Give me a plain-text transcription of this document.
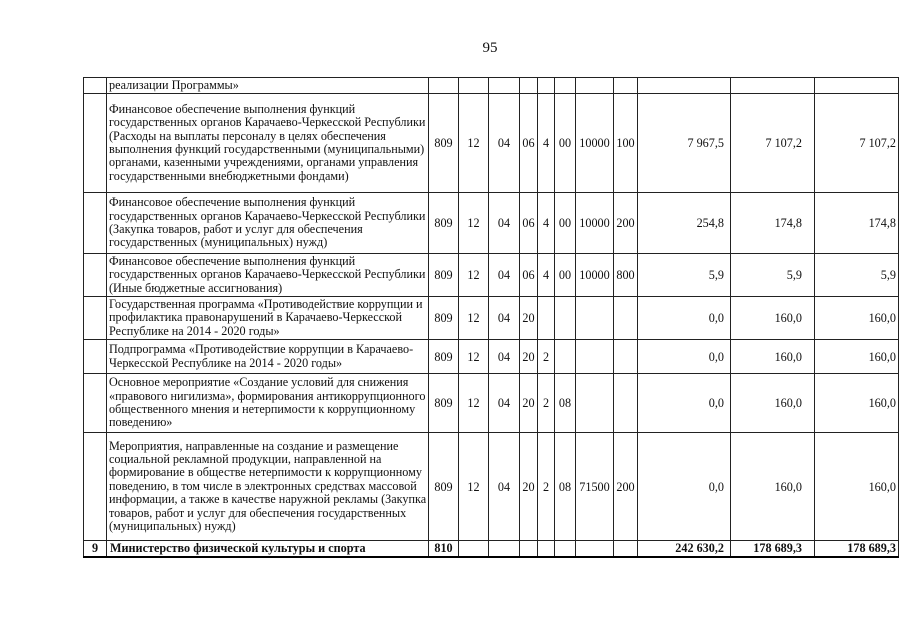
95
	реализации Программы»											
	Финансовое обеспечение выполнения функций государственных органов Карачаево-Черкесской Республики (Расходы на выплаты персоналу в целях обеспечения выполнения функций государственными (муниципальными) органами, казенными учреждениями, органами управления государственными внебюджетными фондами)	809	12	04	06	4	00	10000	100	7 967,5	7 107,2	7 107,2
	Финансовое обеспечение выполнения функций государственных органов Карачаево-Черкесской Республики (Закупка товаров, работ и услуг для обеспечения государственных (муниципальных) нужд)	809	12	04	06	4	00	10000	200	254,8	174,8	174,8
	Финансовое обеспечение выполнения функций государственных органов Карачаево-Черкесской Республики (Иные бюджетные ассигнования)	809	12	04	06	4	00	10000	800	5,9	5,9	5,9
	Государственная программа «Противодействие коррупции и профилактика правонарушений в Карачаево-Черкесской Республике на 2014 - 2020 годы»	809	12	04	20					0,0	160,0	160,0
	Подпрограмма «Противодействие коррупции в Карачаево-Черкесской Республике на 2014 - 2020 годы»	809	12	04	20	2				0,0	160,0	160,0
	Основное мероприятие «Создание условий для снижения «правового нигилизма», формирования антикоррупционного общественного мнения и нетерпимости к коррупционному поведению»	809	12	04	20	2	08			0,0	160,0	160,0
	Мероприятия, направленные на создание и размещение социальной рекламной продукции, направленной на формирование в обществе нетерпимости к коррупционному поведению, в том числе в электронных средствах массовой информации, а также в качестве наружной рекламы (Закупка товаров, работ и услуг для обеспечения государственных (муниципальных) нужд)	809	12	04	20	2	08	71500	200	0,0	160,0	160,0
9	Министерство физической культуры и спорта	810								242 630,2	178 689,3	178 689,3
